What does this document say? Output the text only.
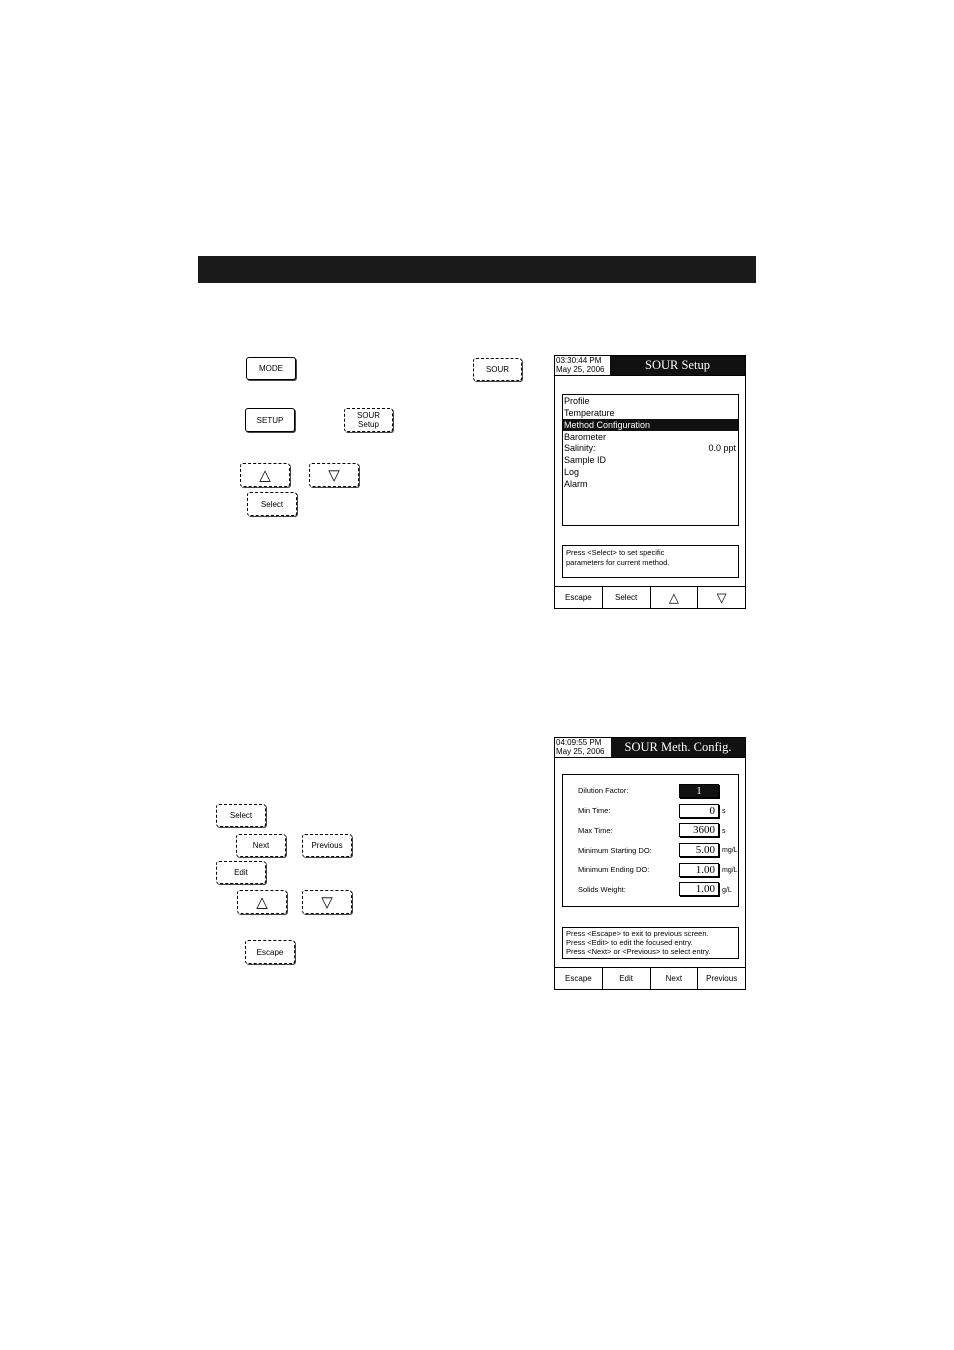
MODE	SOUR
SETUP	SOUR
Setup
△	▽
Select
03:30:44 PM
May 25, 2006	SOUR Setup
Profile
Temperature
Method Configuration
Barometer
Salinity:	0.0 ppt
Sample ID
Log
Alarm
Press <Select> to set specific
parameters for current method.
Escape	Select	△	▽
Select
Next	Previous
Edit
△	▽
Escape
04:09:55 PM
May 25, 2006	SOUR Meth. Config.
Dilution Factor:	1
Min Time:	0	s
Max Time:	3600	s
Minimum Starting DO:	5.00	mg/L
Minimum Ending DO:	1.00	mg/L
Solids Weight:	1.00	g/L
Press <Escape> to exit to previous screen.
Press <Edit> to edit the focused entry.
Press <Next> or <Previous> to select entry.
Escape	Edit	Next	Previous
